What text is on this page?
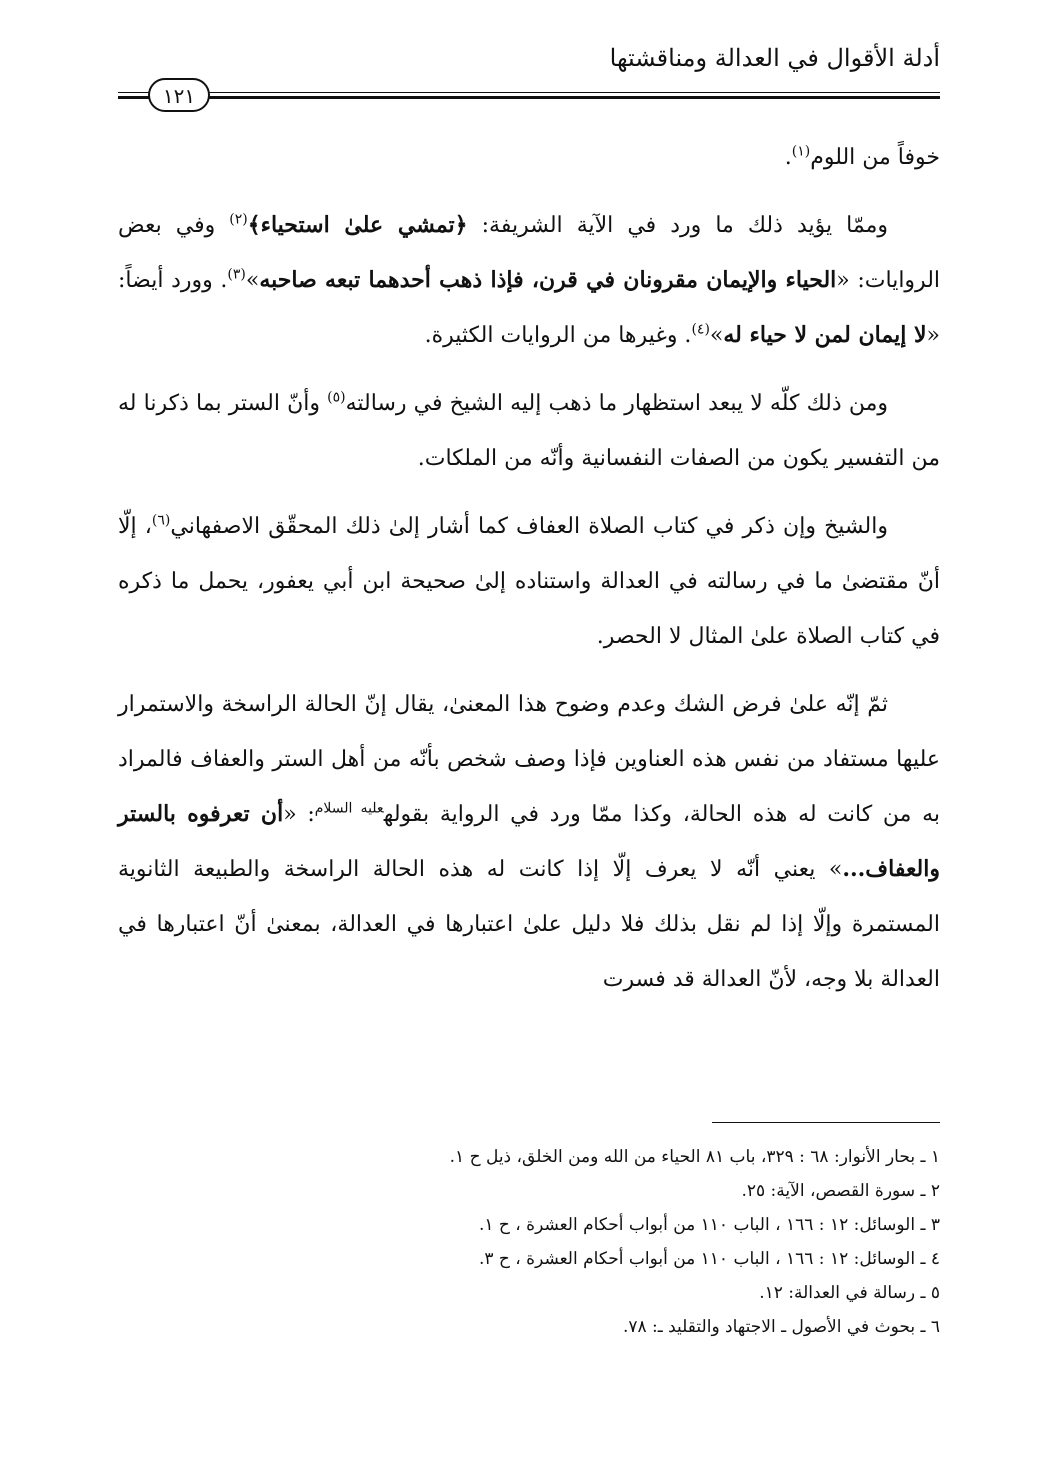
أدلة الأقوال في العدالة ومناقشتها
١٢١

خوفاً من اللوم$^{(١)}$.

وممّا يؤيد ذلك ما ورد في الآية الشريفة: ﴿تمشي علىٰ استحياء﴾$^{(٢)}$ وفي بعض الروايات: «الحياء والإيمان مقرونان في قرن، فإذا ذهب أحدهما تبعه صاحبه»$^{(٣)}$. وورد أيضاً: «لا إيمان لمن لا حياء له»$^{(٤)}$. وغيرها من الروايات الكثيرة.

ومن ذلك كلّه لا يبعد استظهار ما ذهب إليه الشيخ في رسالته$^{(٥)}$ وأنّ الستر بما ذكرنا له من التفسير يكون من الصفات النفسانية وأنّه من الملكات.

والشيخ وإن ذكر في كتاب الصلاة العفاف كما أشار إلىٰ ذلك المحقّق الاصفهاني$^{(٦)}$، إلّا أنّ مقتضىٰ ما في رسالته في العدالة واستناده إلىٰ صحيحة ابن أبي يعفور، يحمل ما ذكره في كتاب الصلاة علىٰ المثال لا الحصر.

ثمّ إنّه علىٰ فرض الشك وعدم وضوح هذا المعنىٰ، يقال إنّ الحالة الراسخة والاستمرار عليها مستفاد من نفس هذه العناوين فإذا وصف شخص بأنّه من أهل الستر والعفاف فالمراد به من كانت له هذه الحالة، وكذا ممّا ورد في الرواية بقوله$^{عليه السلام}$: «أن تعرفوه بالستر والعفاف...» يعني أنّه لا يعرف إلّا إذا كانت له هذه الحالة الراسخة والطبيعة الثانوية المستمرة وإلّا إذا لم نقل بذلك فلا دليل علىٰ اعتبارها في العدالة، بمعنىٰ أنّ اعتبارها في العدالة بلا وجه، لأنّ العدالة قد فسرت

١ ـ بحار الأنوار: ٦٨ : ٣٢٩، باب ٨١ الحياء من الله ومن الخلق، ذيل ح ١.
٢ ـ سورة القصص، الآية: ٢٥.
٣ ـ الوسائل: ١٢ : ١٦٦ ، الباب ١١٠ من أبواب أحكام العشرة ، ح ١.
٤ ـ الوسائل: ١٢ : ١٦٦ ، الباب ١١٠ من أبواب أحكام العشرة ، ح ٣.
٥ ـ رسالة في العدالة: ١٢.
٦ ـ بحوث في الأصول ـ الاجتهاد والتقليد ـ: ٧٨.
